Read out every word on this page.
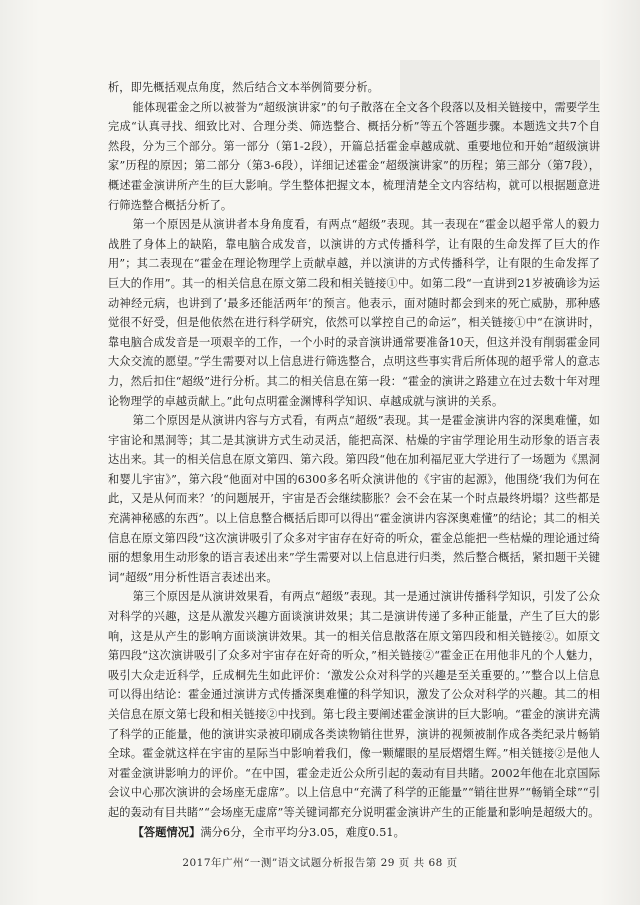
析，即先概括观点角度，然后结合文本举例简要分析。

能体现霍金之所以被誉为“超级演讲家”的句子散落在全文各个段落以及相关链接中，需要学生完成“认真寻找、细致比对、合理分类、筛选整合、概括分析”等五个答题步骤。本题选文共7个自然段，分为三个部分。第一部分（第1-2段），开篇总括霍金卓越成就、重要地位和开始“超级演讲家”历程的原因；第二部分（第3-6段），详细记述霍金“超级演讲家”的历程；第三部分（第7段），概述霍金演讲所产生的巨大影响。学生整体把握文本，梳理清楚全文内容结构，就可以根据题意进行筛选整合概括分析了。

第一个原因是从演讲者本身角度看，有两点“超级”表现。其一表现在“霍金以超乎常人的毅力战胜了身体上的缺陷，靠电脑合成发音，以演讲的方式传播科学，让有限的生命发挥了巨大的作用”；其二表现在“霍金在理论物理学上贡献卓越，并以演讲的方式传播科学，让有限的生命发挥了巨大的作用”。其一的相关信息在原文第二段和相关链接①中。如第二段“一直讲到21岁被确诊为运动神经元病，也讲到了‘最多还能活两年’的预言。他表示，面对随时都会到来的死亡威胁，那种感觉很不好受，但是他依然在进行科学研究，依然可以掌控自己的命运”，相关链接①中“在演讲时，靠电脑合成发音是一项艰辛的工作，一个小时的录音演讲通常要准备10天，但这并没有削弱霍金同大众交流的愿望。”学生需要对以上信息进行筛选整合，点明这些事实背后所体现的超乎常人的意志力，然后扣住“超级”进行分析。其二的相关信息在第一段：“霍金的演讲之路建立在过去数十年对理论物理学的卓越贡献上。”此句点明霍金渊博科学知识、卓越成就与演讲的关系。

第二个原因是从演讲内容与方式看，有两点“超级”表现。其一是霍金演讲内容的深奥难懂，如宇宙论和黑洞等；其二是其演讲方式生动灵活，能把高深、枯燥的宇宙学理论用生动形象的语言表达出来。其一的相关信息在原文第四、第六段。第四段“他在加利福尼亚大学进行了一场题为《黑洞和婴儿宇宙》”，第六段“他面对中国的6300多名听众演讲他的《宇宙的起源》，他围绕‘我们为何在此，又是从何而来？’的问题展开，宇宙是否会继续膨胀？会不会在某一个时点最终坍塌？这些都是充满神秘感的东西”。以上信息整合概括后即可以得出“霍金演讲内容深奥难懂”的结论；其二的相关信息在原文第四段“这次演讲吸引了众多对宇宙存在好奇的听众，霍金总能把一些枯燥的理论通过绮丽的想象用生动形象的语言表述出来”学生需要对以上信息进行归类，然后整合概括，紧扣题干关键词“超级”用分析性语言表述出来。

第三个原因是从演讲效果看，有两点“超级”表现。其一是通过演讲传播科学知识，引发了公众对科学的兴趣，这是从激发兴趣方面谈演讲效果；其二是演讲传递了多种正能量，产生了巨大的影响，这是从产生的影响方面谈演讲效果。其一的相关信息散落在原文第四段和相关链接②。如原文第四段“这次演讲吸引了众多对宇宙存在好奇的听众，”相关链接②“霍金正在用他非凡的个人魅力，吸引大众走近科学，丘成桐先生如此评价：‘激发公众对科学的兴趣是至关重要的。’”整合以上信息可以得出结论：霍金通过演讲方式传播深奥难懂的科学知识，激发了公众对科学的兴趣。其二的相关信息在原文第七段和相关链接②中找到。第七段主要阐述霍金演讲的巨大影响。“霍金的演讲充满了科学的正能量，他的演讲实录被印刷成各类读物销往世界，演讲的视频被制作成各类纪录片畅销全球。霍金就这样在宇宙的星际当中影响着我们，像一颗耀眼的星辰熠熠生辉。”相关链接②是他人对霍金演讲影响力的评价。“在中国，霍金走近公众所引起的轰动有目共睹。2002年他在北京国际会议中心那次演讲的会场座无虚席”。以上信息中“充满了科学的正能量”“销往世界”“畅销全球”“引起的轰动有目共睹”“会场座无虚席”等关键词都充分说明霍金演讲产生的正能量和影响是超级大的。

【答题情况】满分6分，全市平均分3.05，难度0.51。

2017年广州“一测”语文试题分析报告第 29 页 共 68 页
